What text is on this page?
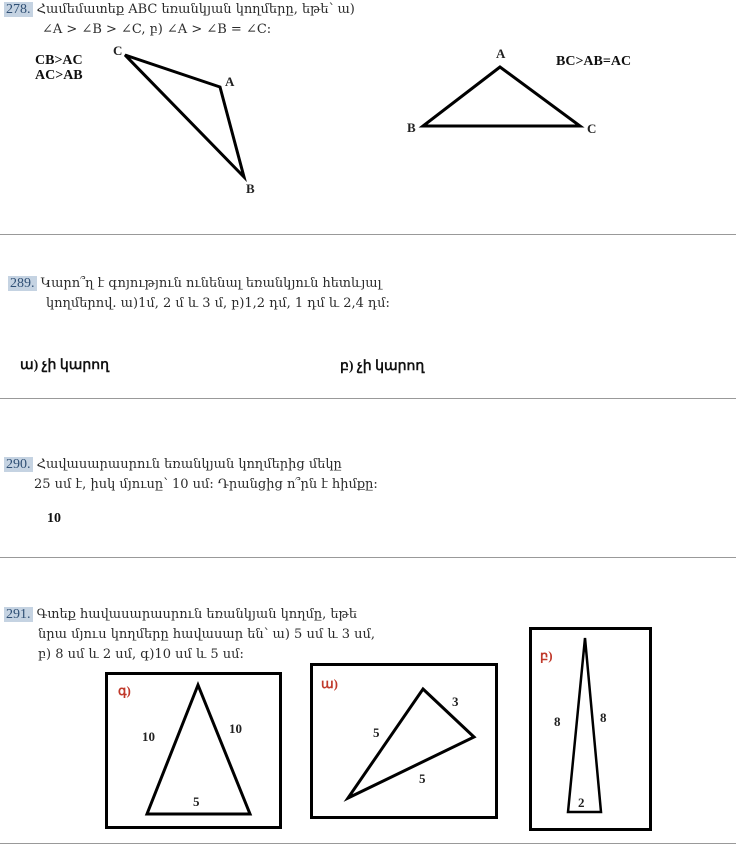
278. Համեմատեք ABC եռանկյան կողմերը, եթե՝ ա)
∠A > ∠B > ∠C, բ) ∠A > ∠B = ∠C:
CB>AC
AC>AB
BC>AB=AC
C
A
B
A
B	C
289. Կարո՞ղ է գոյություն ունենալ եռանկյուն հետևյալ
կողմերով. ա)1մ, 2 մ և 3 մ, բ)1,2 դմ, 1 դմ և 2,4 դմ:
ա) չի կարող	բ) չի կարող
290. Հավասարասրուն եռանկյան կողմերից մեկը
25 սմ է, իսկ մյուսը՝ 10 սմ: Դրանցից ո՞րն է հիմքը:
10
291. Գտեք հավասարասրուն եռանկյան կողմը, եթե
նրա մյուս կողմերը հավասար են՝ ա) 5 սմ և 3 սմ,
բ) 8 սմ և 2 սմ, գ)10 սմ և 5 սմ:
գ)
10
10
5
ա)
3
5
5
բ)
8	8
2
